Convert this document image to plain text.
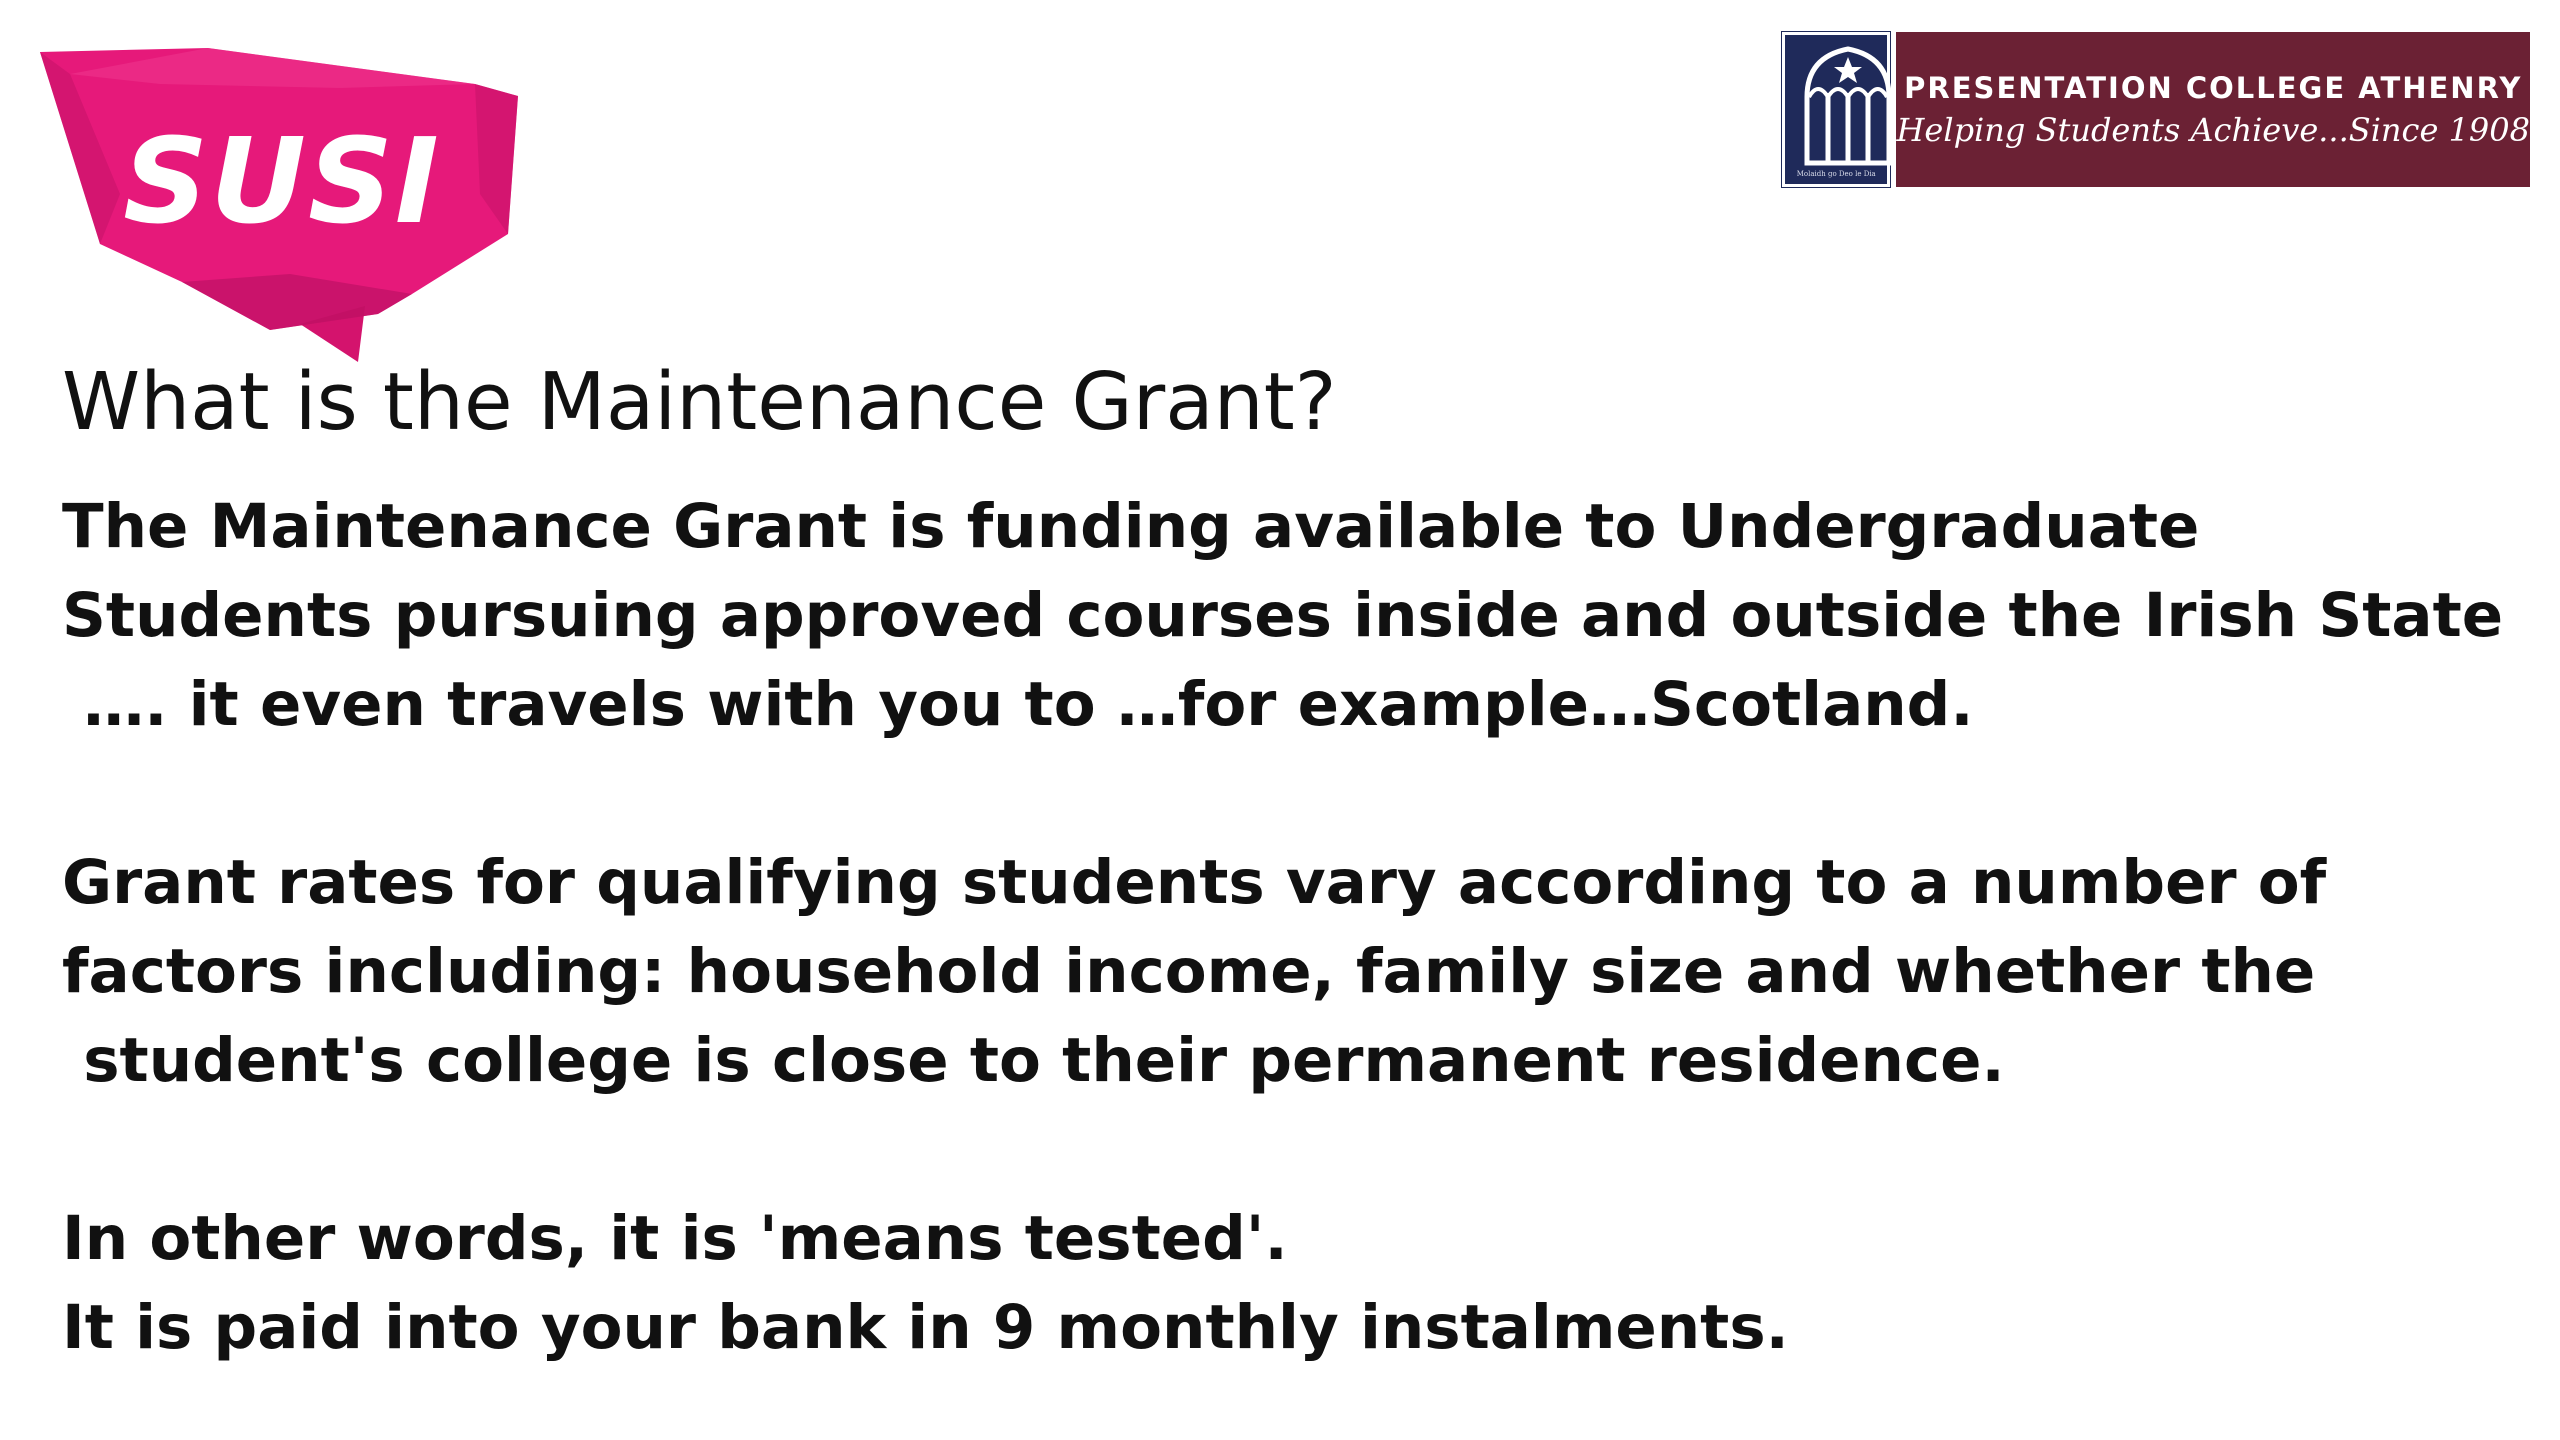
SUSI	Molaidh go Deo le Dia
PRESENTATION COLLEGE ATHENRY
Helping Students Achieve...Since 1908
What is the Maintenance Grant?
The Maintenance Grant is funding available to Undergraduate
Students pursuing approved courses inside and outside the Irish State
…. it even travels with you to …for example…Scotland.
Grant rates for qualifying students vary according to a number of
factors including: household income, family size and whether the
student's college is close to their permanent residence.
In other words, it is 'means tested'.
It is paid into your bank in 9 monthly instalments.
